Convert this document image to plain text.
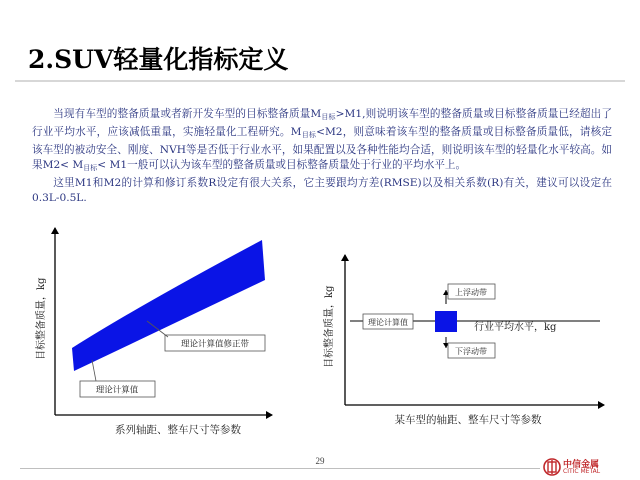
2.SUV轻量化指标定义

当现有车型的整备质量或者新开发车型的目标整备质量$M_{目标}>M1$,则说明该车型的整备质量或目标整备质量已经超出了行业平均水平，应该减低重量，实施轻量化工程研究。$M_{目标}<M2$，则意味着该车型的整备质量或目标整备质量低，请核定该车型的被动安全、刚度、NVH等是否低于行业水平，如果配置以及各种性能均合适，则说明该车型的轻量化水平较高。如果$M2< M_{目标}< M1$一般可以认为该车型的整备质量或目标整备质量处于行业的平均水平上。

这里M1和M2的计算和修订系数R设定有很大关系，它主要跟均方差(RMSE)以及相关系数(R)有关，建议可以设定在0.3L-0.5L.

理论计算值修正带
理论计算值
目标整备质量，kg
系列轴距、整车尺寸等参数
上浮动带
下浮动带
理论计算值	行业平均水平，kg
目标整备质量，kg
某车型的轴距、整车尺寸等参数
29	中信金属
CITIC METAL
